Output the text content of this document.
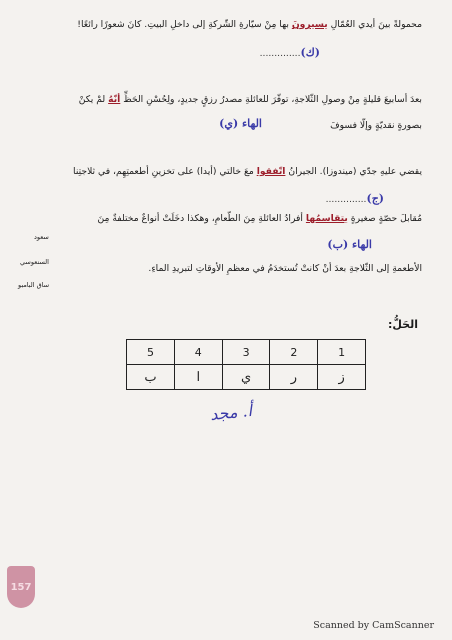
محمولةً بينَ أيدي العُمّالِ يسيرونَ بها مِنْ سيّارةِ الشّركةِ إلى داخلِ البيتِ. كانَ شعورًا رائعًا!
(ك)..............
بعدَ أسابيعَ قليلةٍ مِنْ وصولِ الثّلاجةِ، توفّرَ للعائلةِ مصدرُ رزقٍ جديدٍ، ولِحُسْنِ الحَظِّ أنّهُ لمْ يكنْ
بصورةٍ نقديّةٍ وإلّا فسوفَ
الهاء (ي)
يقضي عليهِ جدّي (ميندوزا). الجيرانُ اتّفقوا معَ خالتي (أيدا) على تخزينِ أطعمتِهِم، في ثلاجتِنا
(ج)..............
مُقابلَ حصّةٍ صغيرةٍ يتقاسمُها أفرادُ العائلةِ مِنَ الطّعامِ، وهكذا دخَلَتْ أنواعٌ مختلفةٌ مِنَ
الهاء (ب)
الأطعمةِ إلى الثّلاجةِ بعدَ أنْ كانتْ تُستخدَمُ في معظمِ الأوقاتِ لتبريدِ الماءِ.
سعود
السنعوسي
ساق البامبو
الحَلُّ:
5	4	3	2	1
ب	ا	ي	ر	ز
أ. مجد
157
Scanned by CamScanner
